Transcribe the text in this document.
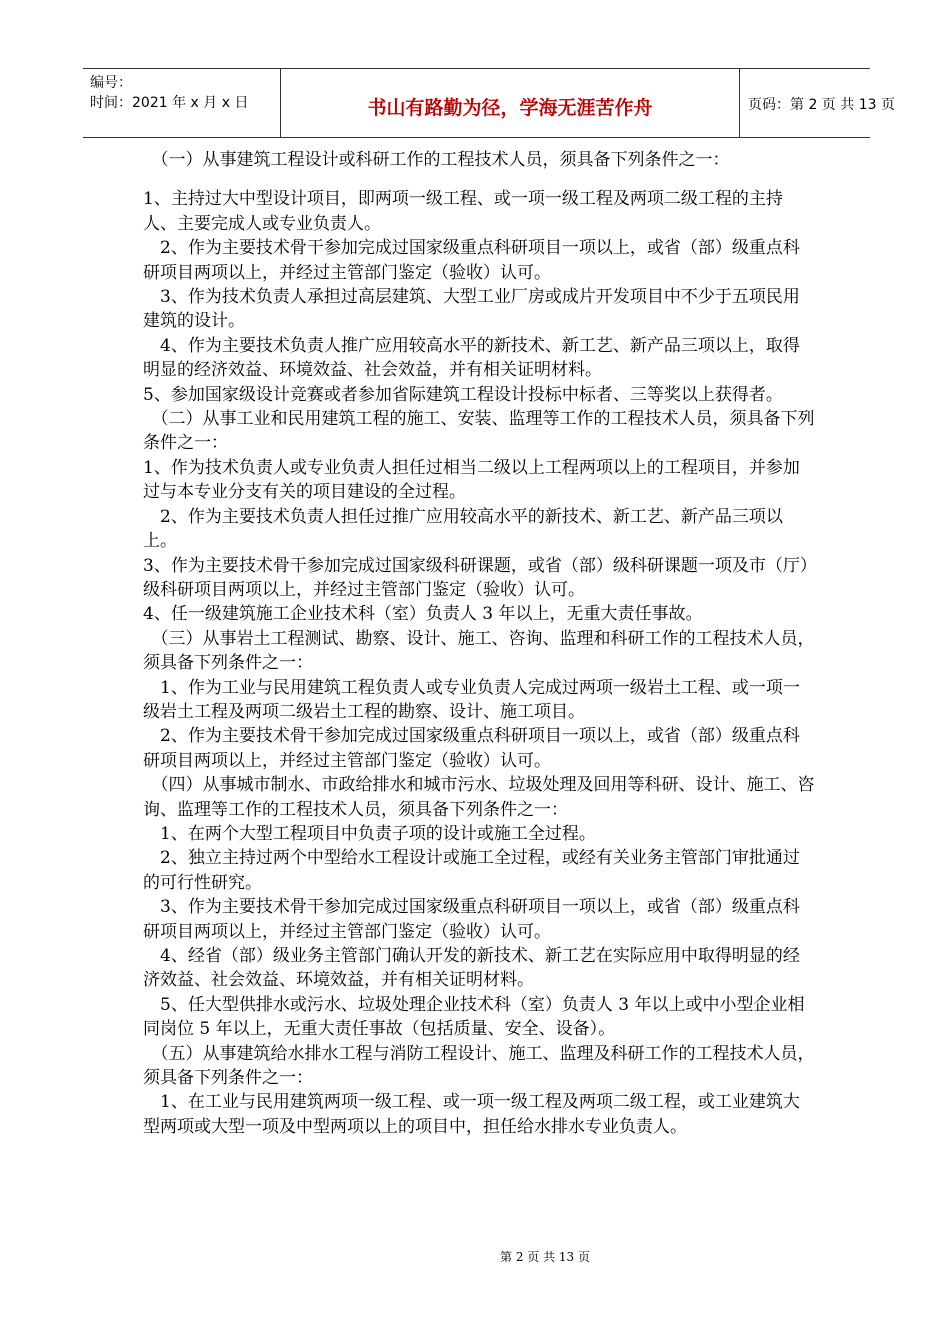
编号：
时间：2021 年 x 月 x 日	书山有路勤为径，学海无涯苦作舟	页码：第 2 页 共 13 页

　（一）从事建筑工程设计或科研工作的工程技术人员，须具备下列条件之一：

1、主持过大中型设计项目，即两项一级工程、或一项一级工程及两项二级工程的主持人、主要完成人或专业负责人。

　2、作为主要技术骨干参加完成过国家级重点科研项目一项以上，或省（部）级重点科研项目两项以上，并经过主管部门鉴定（验收）认可。

　3、作为技术负责人承担过高层建筑、大型工业厂房或成片开发项目中不少于五项民用建筑的设计。

　4、作为主要技术负责人推广应用较高水平的新技术、新工艺、新产品三项以上，取得明显的经济效益、环境效益、社会效益，并有相关证明材料。

5、参加国家级设计竞赛或者参加省际建筑工程设计投标中标者、三等奖以上获得者。

　（二）从事工业和民用建筑工程的施工、安装、监理等工作的工程技术人员，须具备下列条件之一：

1、作为技术负责人或专业负责人担任过相当二级以上工程两项以上的工程项目，并参加过与本专业分支有关的项目建设的全过程。

　2、作为主要技术负责人担任过推广应用较高水平的新技术、新工艺、新产品三项以上。

3、作为主要技术骨干参加完成过国家级科研课题，或省（部）级科研课题一项及市（厅）级科研项目两项以上，并经过主管部门鉴定（验收）认可。

4、任一级建筑施工企业技术科（室）负责人 3 年以上，无重大责任事故。

　（三）从事岩土工程测试、勘察、设计、施工、咨询、监理和科研工作的工程技术人员，须具备下列条件之一：

　1、作为工业与民用建筑工程负责人或专业负责人完成过两项一级岩土工程、或一项一级岩土工程及两项二级岩土工程的勘察、设计、施工项目。

　2、作为主要技术骨干参加完成过国家级重点科研项目一项以上，或省（部）级重点科研项目两项以上，并经过主管部门鉴定（验收）认可。

　（四）从事城市制水、市政给排水和城市污水、垃圾处理及回用等科研、设计、施工、咨询、监理等工作的工程技术人员，须具备下列条件之一：

　1、在两个大型工程项目中负责子项的设计或施工全过程。

　2、独立主持过两个中型给水工程设计或施工全过程，或经有关业务主管部门审批通过的可行性研究。

　3、作为主要技术骨干参加完成过国家级重点科研项目一项以上，或省（部）级重点科研项目两项以上，并经过主管部门鉴定（验收）认可。

　4、经省（部）级业务主管部门确认开发的新技术、新工艺在实际应用中取得明显的经济效益、社会效益、环境效益，并有相关证明材料。

　5、任大型供排水或污水、垃圾处理企业技术科（室）负责人 3 年以上或中小型企业相同岗位 5 年以上，无重大责任事故（包括质量、安全、设备）。

　（五）从事建筑给水排水工程与消防工程设计、施工、监理及科研工作的工程技术人员，须具备下列条件之一：

　1、在工业与民用建筑两项一级工程、或一项一级工程及两项二级工程，或工业建筑大型两项或大型一项及中型两项以上的项目中，担任给水排水专业负责人。

第 2 页 共 13 页
